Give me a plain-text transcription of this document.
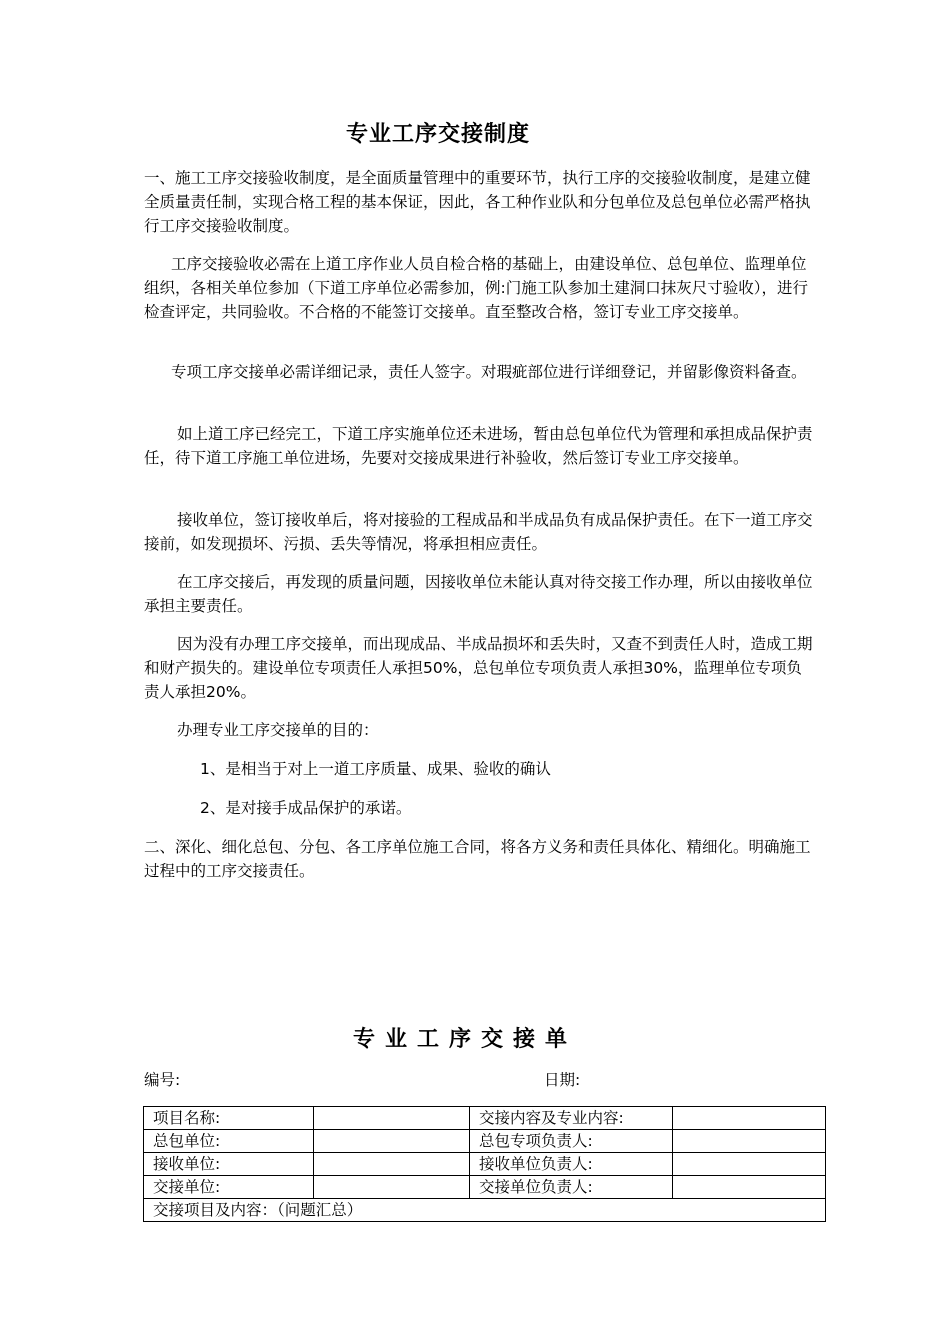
专业工序交接制度

一、施工工序交接验收制度，是全面质量管理中的重要环节，执行工序的交接验收制度，是建立健全质量责任制，实现合格工程的基本保证，因此，各工种作业队和分包单位及总包单位必需严格执行工序交接验收制度。

工序交接验收必需在上道工序作业人员自检合格的基础上，由建设单位、总包单位、监理单位组织，各相关单位参加（下道工序单位必需参加，例:门施工队参加土建洞口抹灰尺寸验收），进行检查评定，共同验收。不合格的不能签订交接单。直至整改合格，签订专业工序交接单。

专项工序交接单必需详细记录，责任人签字。对瑕疵部位进行详细登记，并留影像资料备查。

如上道工序已经完工，下道工序实施单位还未进场，暂由总包单位代为管理和承担成品保护责任，待下道工序施工单位进场，先要对交接成果进行补验收，然后签订专业工序交接单。

接收单位，签订接收单后，将对接验的工程成品和半成品负有成品保护责任。在下一道工序交接前，如发现损坏、污损、丢失等情况，将承担相应责任。

在工序交接后，再发现的质量问题，因接收单位未能认真对待交接工作办理，所以由接收单位承担主要责任。

因为没有办理工序交接单，而出现成品、半成品损坏和丢失时，又查不到责任人时，造成工期和财产损失的。建设单位专项责任人承担50%，总包单位专项负责人承担30%，监理单位专项负责人承担20%。

办理专业工序交接单的目的：

1、是相当于对上一道工序质量、成果、验收的确认

2、是对接手成品保护的承诺。

二、深化、细化总包、分包、各工序单位施工合同，将各方义务和责任具体化、精细化。明确施工过程中的工序交接责任。

专业工序交接单

编号:	日期:

项目名称:		交接内容及专业内容:	
总包单位:		总包专项负责人:	
接收单位:		接收单位负责人:	
交接单位:		交接单位负责人:	
交接项目及内容：（问题汇总）			
